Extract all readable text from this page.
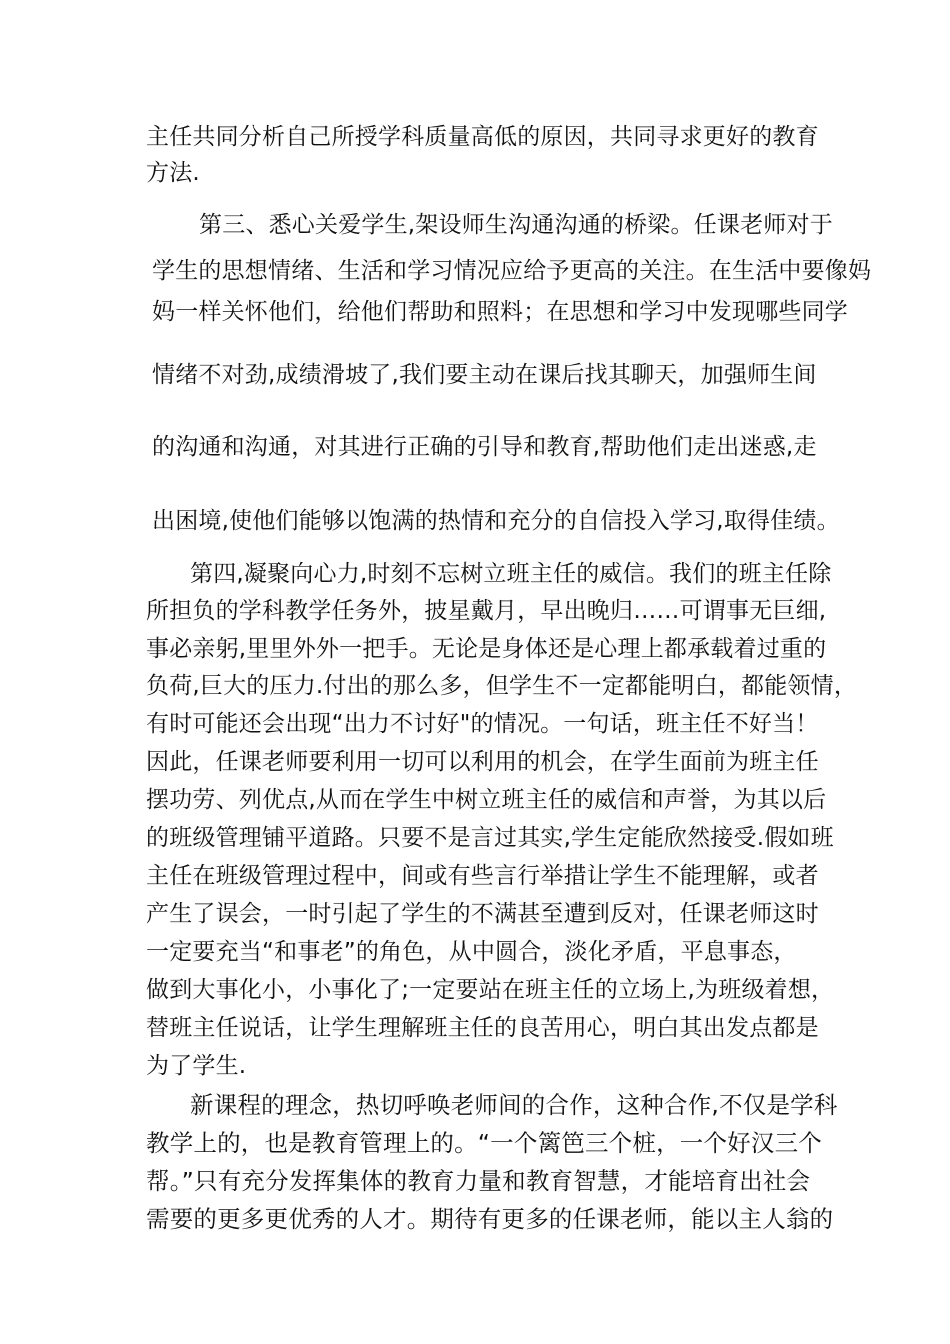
主任共同分析自己所授学科质量高低的原因，共同寻求更好的教育
方法.
第三、悉心关爱学生,架设师生沟通沟通的桥梁。任课老师对于
学生的思想情绪、生活和学习情况应给予更高的关注。在生活中要像妈
妈一样关怀他们，给他们帮助和照料；在思想和学习中发现哪些同学
情绪不对劲,成绩滑坡了,我们要主动在课后找其聊天，加强师生间
的沟通和沟通，对其进行正确的引导和教育,帮助他们走出迷惑,走
出困境,使他们能够以饱满的热情和充分的自信投入学习,取得佳绩。
第四,凝聚向心力,时刻不忘树立班主任的威信。我们的班主任除
所担负的学科教学任务外，披星戴月，早出晚归……可谓事无巨细,
事必亲躬,里里外外一把手。无论是身体还是心理上都承载着过重的
负荷,巨大的压力.付出的那么多，但学生不一定都能明白，都能领情，
有时可能还会出现“出力不讨好"的情况。一句话，班主任不好当！
因此，任课老师要利用一切可以利用的机会，在学生面前为班主任
摆功劳、列优点,从而在学生中树立班主任的威信和声誉，为其以后
的班级管理铺平道路。只要不是言过其实,学生定能欣然接受.假如班
主任在班级管理过程中，间或有些言行举措让学生不能理解，或者
产生了误会，一时引起了学生的不满甚至遭到反对，任课老师这时
一定要充当“和事老”的角色，从中圆合，淡化矛盾，平息事态，
做到大事化小，小事化了;一定要站在班主任的立场上,为班级着想，
替班主任说话，让学生理解班主任的良苦用心，明白其出发点都是
为了学生.
新课程的理念，热切呼唤老师间的合作，这种合作,不仅是学科
教学上的，也是教育管理上的。“一个篱笆三个桩，一个好汉三个
帮。”只有充分发挥集体的教育力量和教育智慧，才能培育出社会
需要的更多更优秀的人才。期待有更多的任课老师，能以主人翁的
